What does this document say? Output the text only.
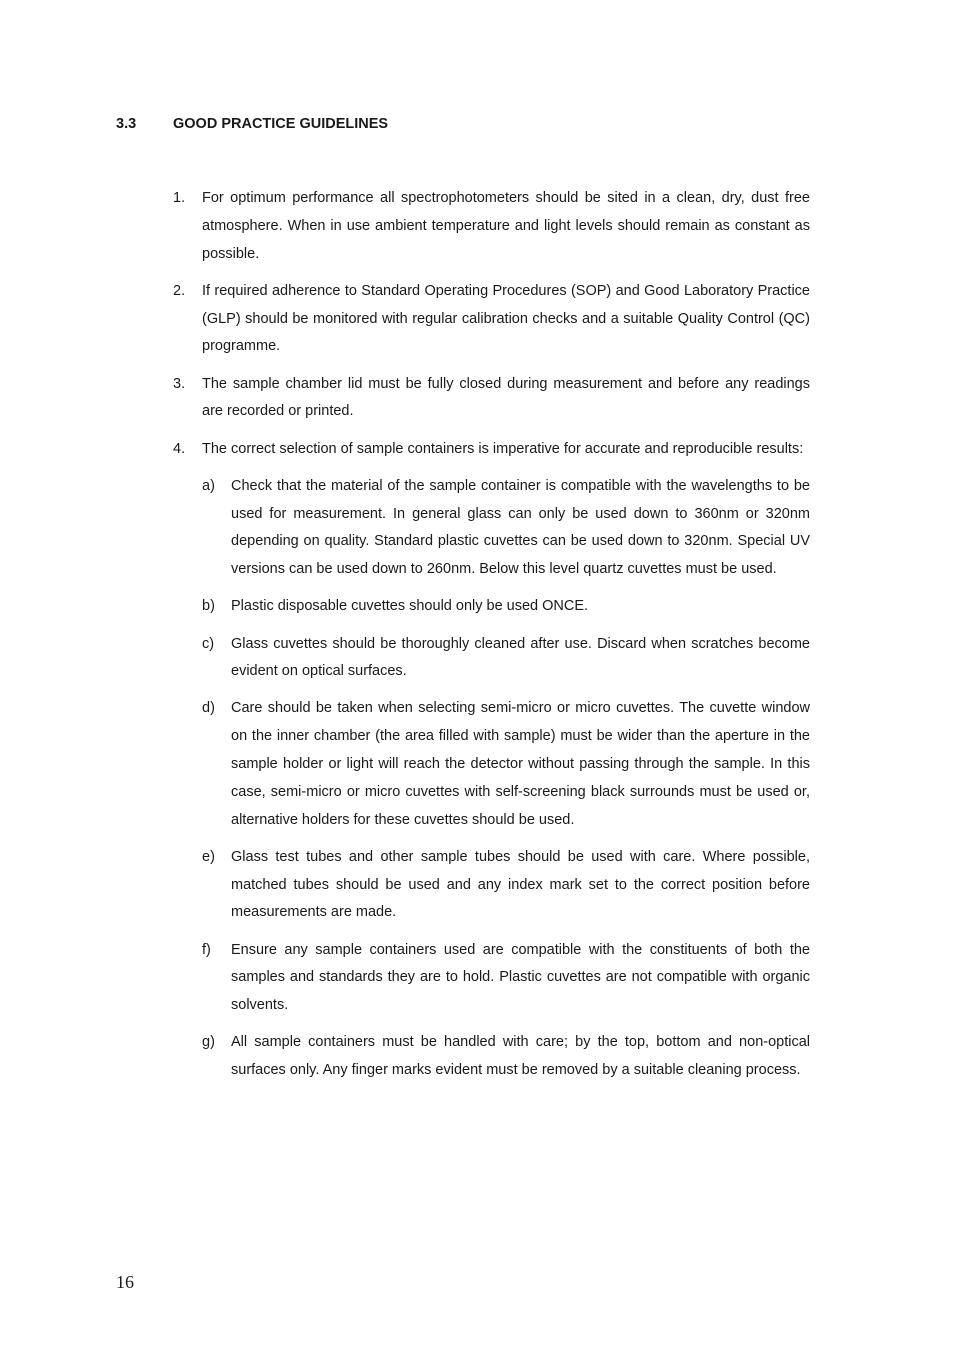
3.3	GOOD PRACTICE GUIDELINES
1.	For optimum performance all spectrophotometers should be sited in a clean, dry, dust free atmosphere. When in use ambient temperature and light levels should remain as constant as possible.
2.	If required adherence to Standard Operating Procedures (SOP) and Good Laboratory Practice (GLP) should be monitored with regular calibration checks and a suitable Quality Control (QC) programme.
3.	The sample chamber lid must be fully closed during measurement and before any readings are recorded or printed.
4.	The correct selection of sample containers is imperative for accurate and reproducible results:
a)	Check that the material of the sample container is compatible with the wavelengths to be used for measurement. In general glass can only be used down to 360nm or 320nm depending on quality. Standard plastic cuvettes can be used down to 320nm. Special UV versions can be used down to 260nm. Below this level quartz cuvettes must be used.
b)	Plastic disposable cuvettes should only be used ONCE.
c)	Glass cuvettes should be thoroughly cleaned after use. Discard when scratches become evident on optical surfaces.
d)	Care should be taken when selecting semi-micro or micro cuvettes. The cuvette window on the inner chamber (the area filled with sample) must be wider than the aperture in the sample holder or light will reach the detector without passing through the sample. In this case, semi-micro or micro cuvettes with self-screening black surrounds must be used or, alternative holders for these cuvettes should be used.
e)	Glass test tubes and other sample tubes should be used with care. Where possible, matched tubes should be used and any index mark set to the correct position before measurements are made.
f)	Ensure any sample containers used are compatible with the constituents of both the samples and standards they are to hold. Plastic cuvettes are not compatible with organic solvents.
g)	All sample containers must be handled with care; by the top, bottom and non-optical surfaces only. Any finger marks evident must be removed by a suitable cleaning process.
16
